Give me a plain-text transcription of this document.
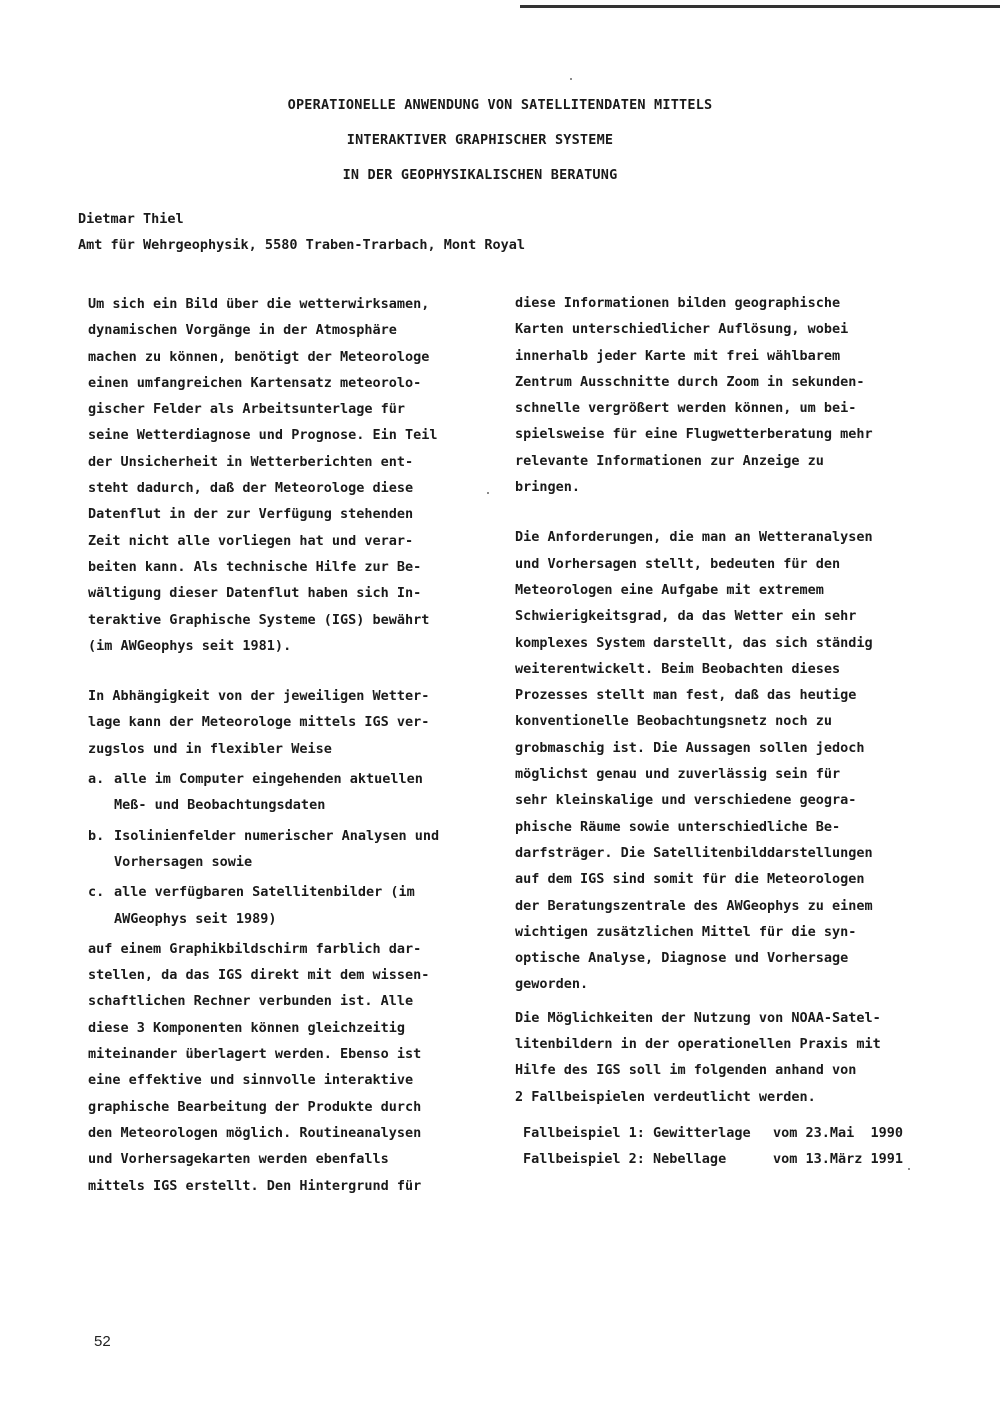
OPERATIONELLE ANWENDUNG VON SATELLITENDATEN MITTELS
INTERAKTIVER GRAPHISCHER SYSTEME
IN DER GEOPHYSIKALISCHEN BERATUNG
Dietmar Thiel
Amt für Wehrgeophysik, 5580 Traben-Trarbach, Mont Royal
Um sich ein Bild über die wetterwirksamen,
dynamischen Vorgänge in der Atmosphäre
machen zu können, benötigt der Meteorologe
einen umfangreichen Kartensatz meteorolo-
gischer Felder als Arbeitsunterlage für
seine Wetterdiagnose und Prognose. Ein Teil
der Unsicherheit in Wetterberichten ent-
steht dadurch, daß der Meteorologe diese
Datenflut in der zur Verfügung stehenden
Zeit nicht alle vorliegen hat und verar-
beiten kann. Als technische Hilfe zur Be-
wältigung dieser Datenflut haben sich In-
teraktive Graphische Systeme (IGS) bewährt
(im AWGeophys seit 1981).
In Abhängigkeit von der jeweiligen Wetter-
lage kann der Meteorologe mittels IGS ver-
zugslos und in flexibler Weise
a. alle im Computer eingehenden aktuellen
Meß- und Beobachtungsdaten
b. Isolinienfelder numerischer Analysen und
Vorhersagen sowie
c. alle verfügbaren Satellitenbilder (im
AWGeophys seit 1989)
auf einem Graphikbildschirm farblich dar-
stellen, da das IGS direkt mit dem wissen-
schaftlichen Rechner verbunden ist. Alle
diese 3 Komponenten können gleichzeitig
miteinander überlagert werden. Ebenso ist
eine effektive und sinnvolle interaktive
graphische Bearbeitung der Produkte durch
den Meteorologen möglich. Routineanalysen
und Vorhersagekarten werden ebenfalls
mittels IGS erstellt. Den Hintergrund für
diese Informationen bilden geographische
Karten unterschiedlicher Auflösung, wobei
innerhalb jeder Karte mit frei wählbarem
Zentrum Ausschnitte durch Zoom in sekunden-
schnelle vergrößert werden können, um bei-
spielsweise für eine Flugwetterberatung mehr
relevante Informationen zur Anzeige zu
bringen.
Die Anforderungen, die man an Wetteranalysen
und Vorhersagen stellt, bedeuten für den
Meteorologen eine Aufgabe mit extremem
Schwierigkeitsgrad, da das Wetter ein sehr
komplexes System darstellt, das sich ständig
weiterentwickelt. Beim Beobachten dieses
Prozesses stellt man fest, daß das heutige
konventionelle Beobachtungsnetz noch zu
grobmaschig ist. Die Aussagen sollen jedoch
möglichst genau und zuverlässig sein für
sehr kleinskalige und verschiedene geogra-
phische Räume sowie unterschiedliche Be-
darfsträger. Die Satellitenbilddarstellungen
auf dem IGS sind somit für die Meteorologen
der Beratungszentrale des AWGeophys zu einem
wichtigen zusätzlichen Mittel für die syn-
optische Analyse, Diagnose und Vorhersage
geworden.
Die Möglichkeiten der Nutzung von NOAA-Satel-
litenbildern in der operationellen Praxis mit
Hilfe des IGS soll im folgenden anhand von
2 Fallbeispielen verdeutlicht werden.
Fallbeispiel 1: Gewitterlage vom 23.Mai  1990
Fallbeispiel 2: Nebellage	vom 13.März 1991
52
